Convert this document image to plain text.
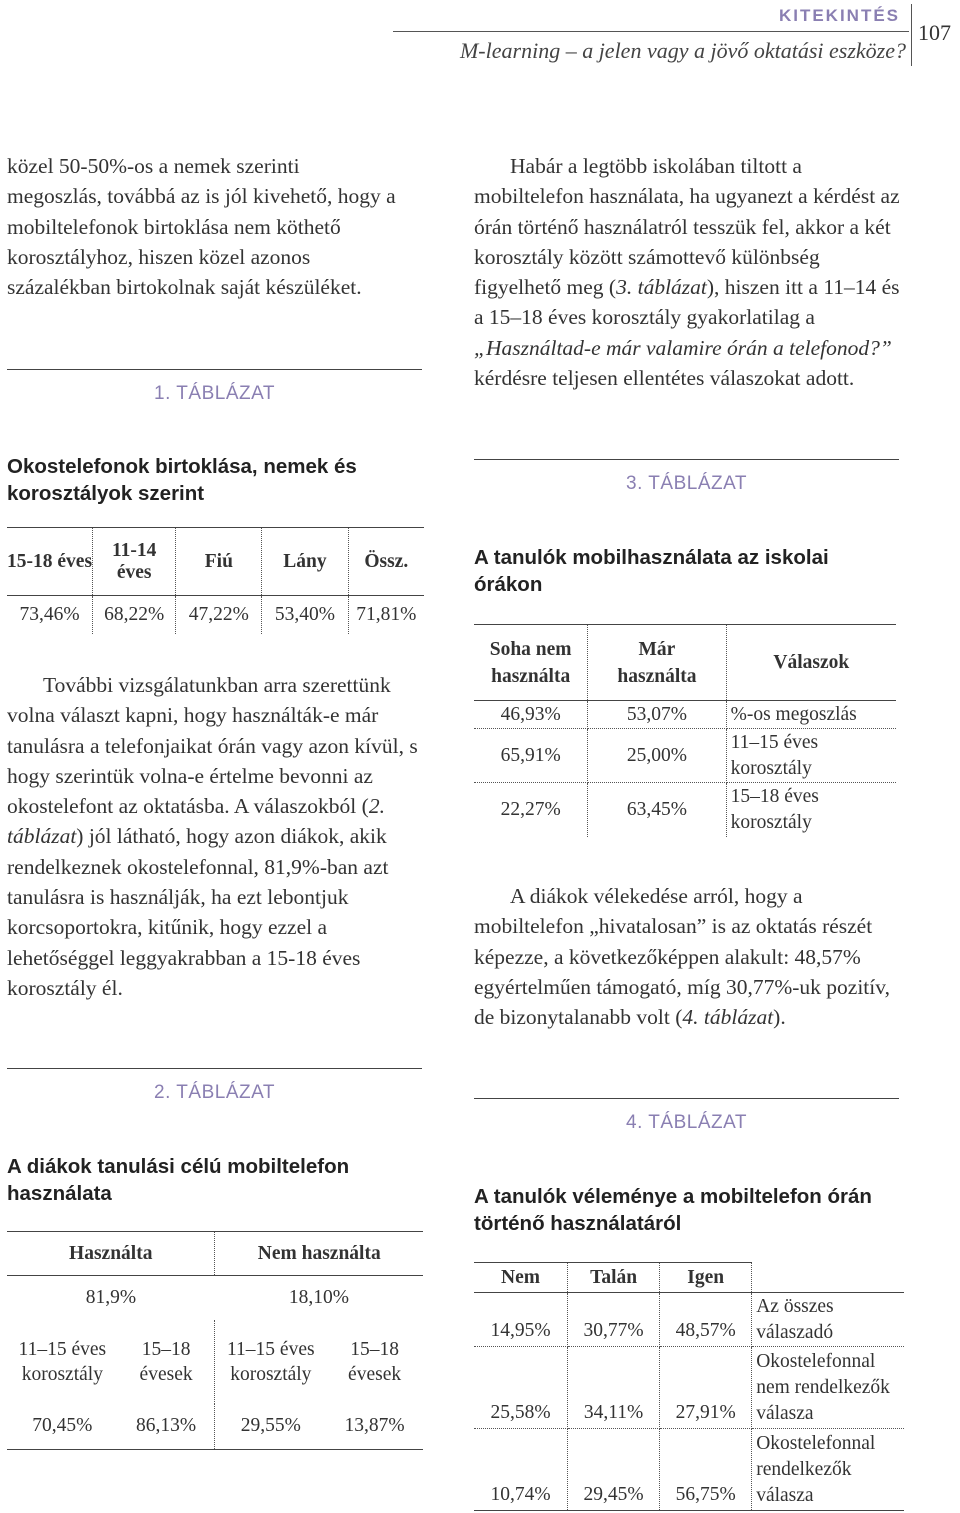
KITEKINTÉS
M-learning – a jelen vagy a jövő oktatási eszköze?
107

közel 50-50%-os a nemek szerinti megoszlás, továbbá az is jól kivehető, hogy a mobiltelefonok birtoklása nem köthető korosztályhoz, hiszen közel azonos százalékban birtokolnak saját készüléket.

1. TÁBLÁZAT
Okostelefonok birtoklása, nemek és korosztályok szerint
15-18 éves	11-14 éves	Fiú	Lány	Össz.
73,46%	68,22%	47,22%	53,40%	71,81%

További vizsgálatunkban arra szerettünk volna választ kapni, hogy használták-e már tanulásra a telefonjaikat órán vagy azon kívül, s hogy szerintük volna-e értelme bevonni az okostelefont az oktatásba. A válaszokból (2. táblázat) jól látható, hogy azon diákok, akik rendelkeznek okostelefonnal, 81,9%-ban azt tanulásra is használják, ha ezt lebontjuk korcsoportokra, kitűnik, hogy ezzel a lehetőséggel leggyakrabban a 15-18 éves korosztály él.

2. TÁBLÁZAT
A diákok tanulási célú mobiltelefon használata
Használta		Nem használta	
81,9%		18,10%	
11–15 éves korosztály	15–18 évesek	11–15 éves korosztály	15–18 évesek
70,45%	86,13%	29,55%	13,87%

Habár a legtöbb iskolában tiltott a mobiltelefon használata, ha ugyanezt a kérdést az órán történő használatról tesszük fel, akkor a két korosztály között számottevő különbség figyelhető meg (3. táblázat), hiszen itt a 11–14 és a 15–18 éves korosztály gyakorlatilag a „Használtad-e már valamire órán a telefonod?” kérdésre teljesen ellentétes válaszokat adott.

3. TÁBLÁZAT
A tanulók mobilhasználata az iskolai órákon
Soha nem használta	Már használta	Válaszok
46,93%	53,07%	%-os megoszlás
65,91%	25,00%	11–15 éves korosztály
22,27%	63,45%	15–18 éves korosztály

A diákok vélekedése arról, hogy a mobiltelefon „hivatalosan” is az oktatás részét képezze, a következőképpen alakult: 48,57% egyértelműen támogató, míg 30,77%-uk pozitív, de bizonytalanabb volt (4. táblázat).

4. TÁBLÁZAT
A tanulók véleménye a mobiltelefon órán történő használatáról
Nem	Talán	Igen	
14,95%	30,77%	48,57%	Az összes válaszadó
25,58%	34,11%	27,91%	Okostelefonnal nem rendelkezők válasza
10,74%	29,45%	56,75%	Okostelefonnal rendelkezők válasza
